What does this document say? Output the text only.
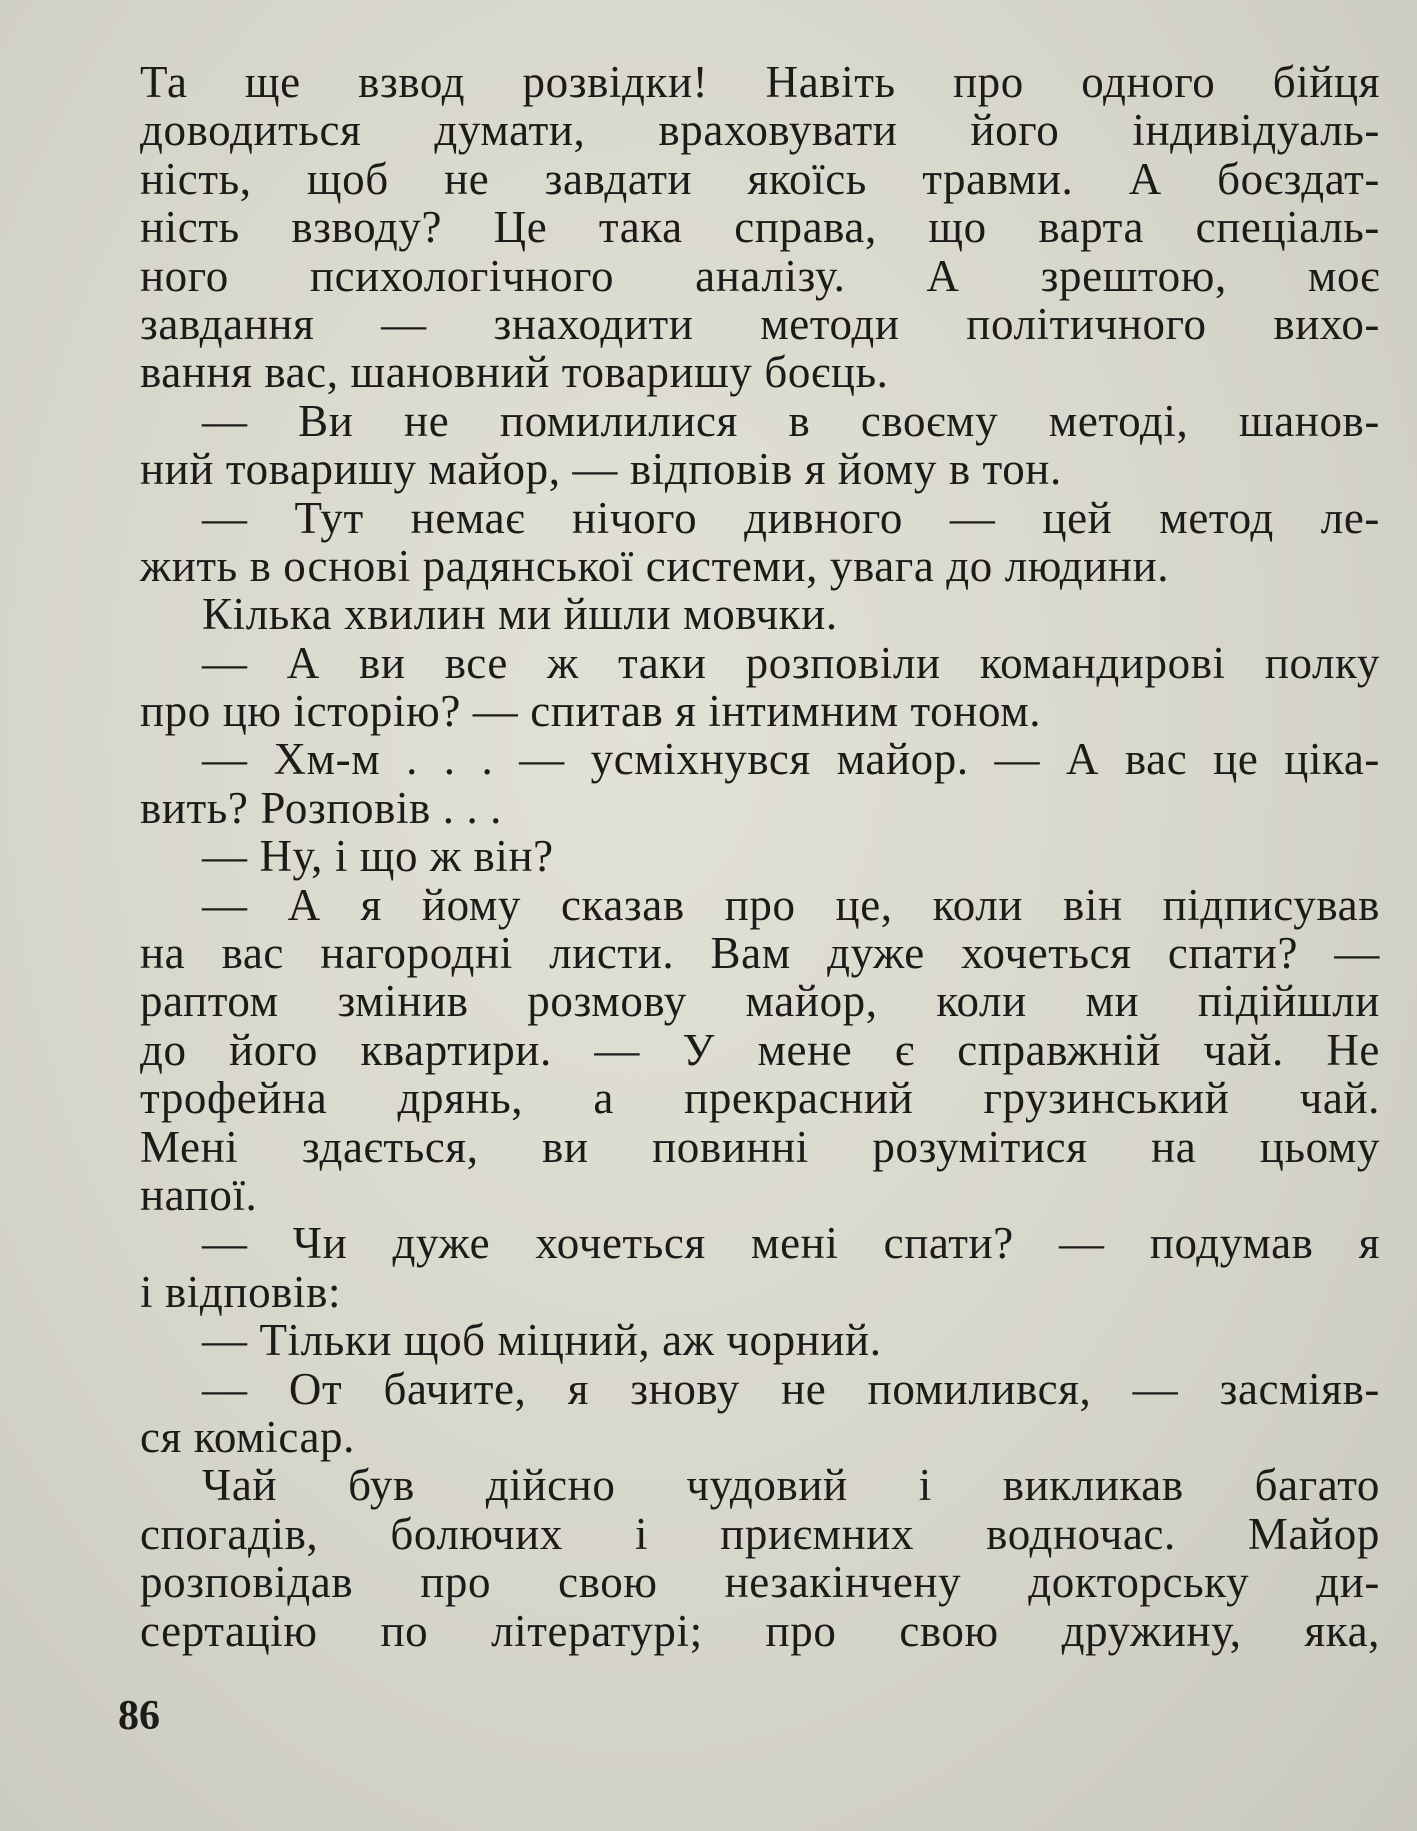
Та ще взвод розвідки! Навіть про одного бійця
доводиться думати, враховувати його індивідуаль-
ність, щоб не завдати якоїсь травми. А боєздат-
ність взводу? Це така справа, що варта спеціаль-
ного психологічного аналізу. А зрештою, моє
завдання — знаходити методи політичного вихо-
вання вас, шановний товаришу боєць.
— Ви не помилилися в своєму методі, шанов-
ний товаришу майор, — відповів я йому в тон.
— Тут немає нічого дивного — цей метод ле-
жить в основі радянської системи, увага до людини.
Кілька хвилин ми йшли мовчки.
— А ви все ж таки розповіли командирові полку
про цю історію? — спитав я інтимним тоном.
— Хм-м . . . — усміхнувся майор. — А вас це ціка-
вить? Розповів . . .
— Ну, і що ж він?
— А я йому сказав про це, коли він підписував
на вас нагородні листи. Вам дуже хочеться спати? —
раптом змінив розмову майор, коли ми підійшли
до його квартири. — У мене є справжній чай. Не
трофейна дрянь, а прекрасний грузинський чай.
Мені здається, ви повинні розумітися на цьому
напої.
— Чи дуже хочеться мені спати? — подумав я
і відповів:
— Тільки щоб міцний, аж чорний.
— От бачите, я знову не помилився, — засміяв-
ся комісар.
Чай був дійсно чудовий і викликав багато
спогадів, болючих і приємних водночас. Майор
розповідав про свою незакінчену докторську ди-
сертацію по літературі; про свою дружину, яка,
86
